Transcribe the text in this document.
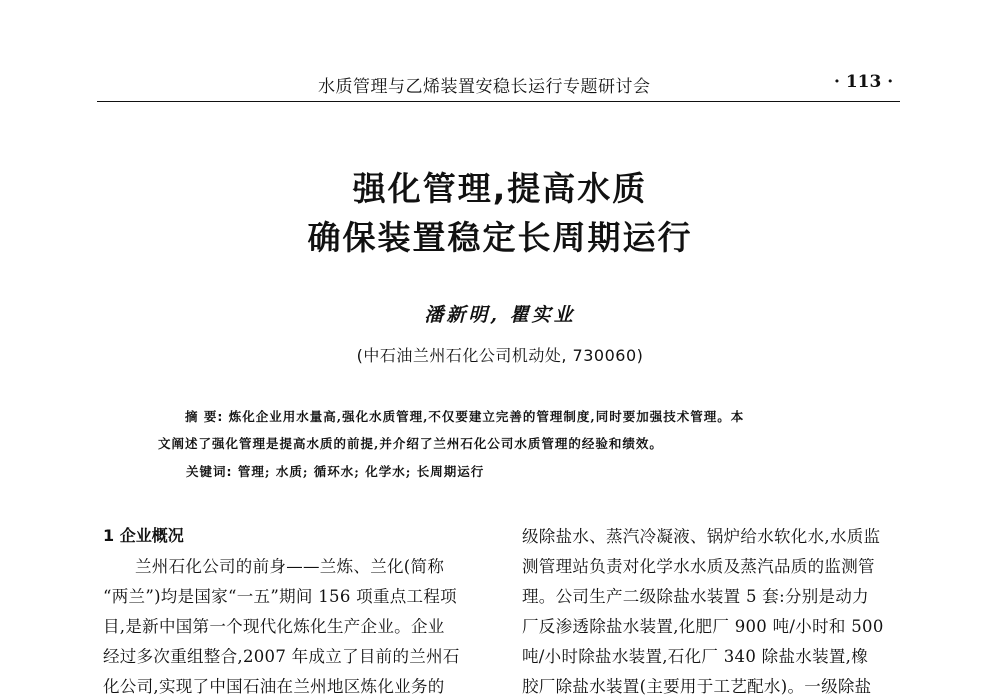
水质管理与乙烯装置安稳长运行专题研讨会	· 113 ·
强化管理,提高水质
确保装置稳定长周期运行
潘新明, 瞿实业
(中石油兰州石化公司机动处, 730060)
摘 要: 炼化企业用水量高,强化水质管理,不仅要建立完善的管理制度,同时要加强技术管理。本
文阐述了强化管理是提高水质的前提,并介绍了兰州石化公司水质管理的经验和绩效。
关键词: 管理; 水质; 循环水; 化学水; 长周期运行
1 企业概况
兰州石化公司的前身——兰炼、兰化(简称
“两兰”)均是国家“一五”期间 156 项重点工程项
目,是新中国第一个现代化炼化生产企业。企业
经过多次重组整合,2007 年成立了目前的兰州石
化公司,实现了中国石油在兰州地区炼化业务的
级除盐水、蒸汽冷凝液、锅炉给水软化水,水质监
测管理站负责对化学水水质及蒸汽品质的监测管
理。公司生产二级除盐水装置 5 套:分别是动力
厂反渗透除盐水装置,化肥厂 900 吨/小时和 500
吨/小时除盐水装置,石化厂 340 除盐水装置,橡
胶厂除盐水装置(主要用于工艺配水)。一级除盐
